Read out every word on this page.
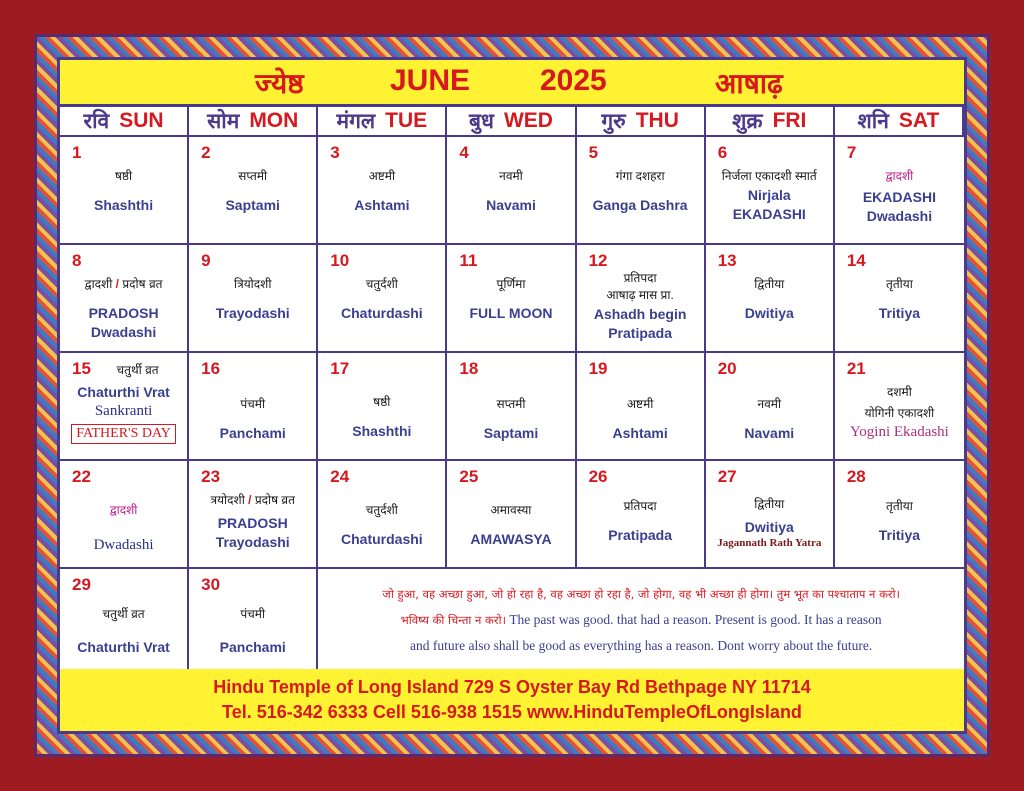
ज्येष्ठ	JUNE 2025	आषाढ़
रवि SUN सोम MON मंगल TUE बुध WED गुरु THU	शुक्र FRI शनि SAT
1
षष्ठी
Shashthi
2
सप्तमी
Saptami
3
अष्टमी
Ashtami
4
नवमी
Navami
5
गंगा दशहरा
Ganga Dashra
6
निर्जला एकादशी स्मार्त
Nirjala
EKADASHI
7
द्वादशी
EKADASHI
Dwadashi
8
द्वादशी / प्रदोष व्रत
PRADOSH
Dwadashi
9
त्रियोदशी
Trayodashi
10
चतुर्दशी
Chaturdashi
11
पूर्णिमा
FULL MOON
12
प्रतिपदा
आषाढ़ मास प्रा.
Ashadh begin
Pratipada
13
द्वितीया
Dwitiya
14
तृतीया
Tritiya
15	चतुर्थी व्रत
Chaturthi Vrat
Sankranti
FATHER'S DAY
16
पंचमी
Panchami
17
षष्ठी
Shashthi
18
सप्तमी
Saptami
19
अष्टमी
Ashtami
20
नवमी
Navami
21
दशमी
योगिनी एकादशी
Yogini Ekadashi
22
द्वादशी
Dwadashi
23
त्रयोदशी / प्रदोष व्रत
PRADOSH
Trayodashi
24
चतुर्दशी
Chaturdashi
25
अमावस्या
AMAWASYA
26
प्रतिपदा
Pratipada
27
द्वितीया
Dwitiya
Jagannath Rath Yatra
28
तृतीया
Tritiya
29
चतुर्थी व्रत
Chaturthi Vrat
30
पंचमी
Panchami
जो हुआ, वह अच्छा हुआ, जो हो रहा है, वह अच्छा हो रहा है, जो होगा, वह भी अच्छा ही होगा। तुम भूत का पश्चाताप न करो।
भविष्य की चिन्ता न करो। The past was good. that had a reason. Present is good. It has a reason
and future also shall be good as everything has a reason. Dont worry about the future.
Hindu Temple of Long Island 729 S Oyster Bay Rd Bethpage NY 11714
Tel. 516-342 6333 Cell 516-938 1515 www.HinduTempleOfLongIsland
